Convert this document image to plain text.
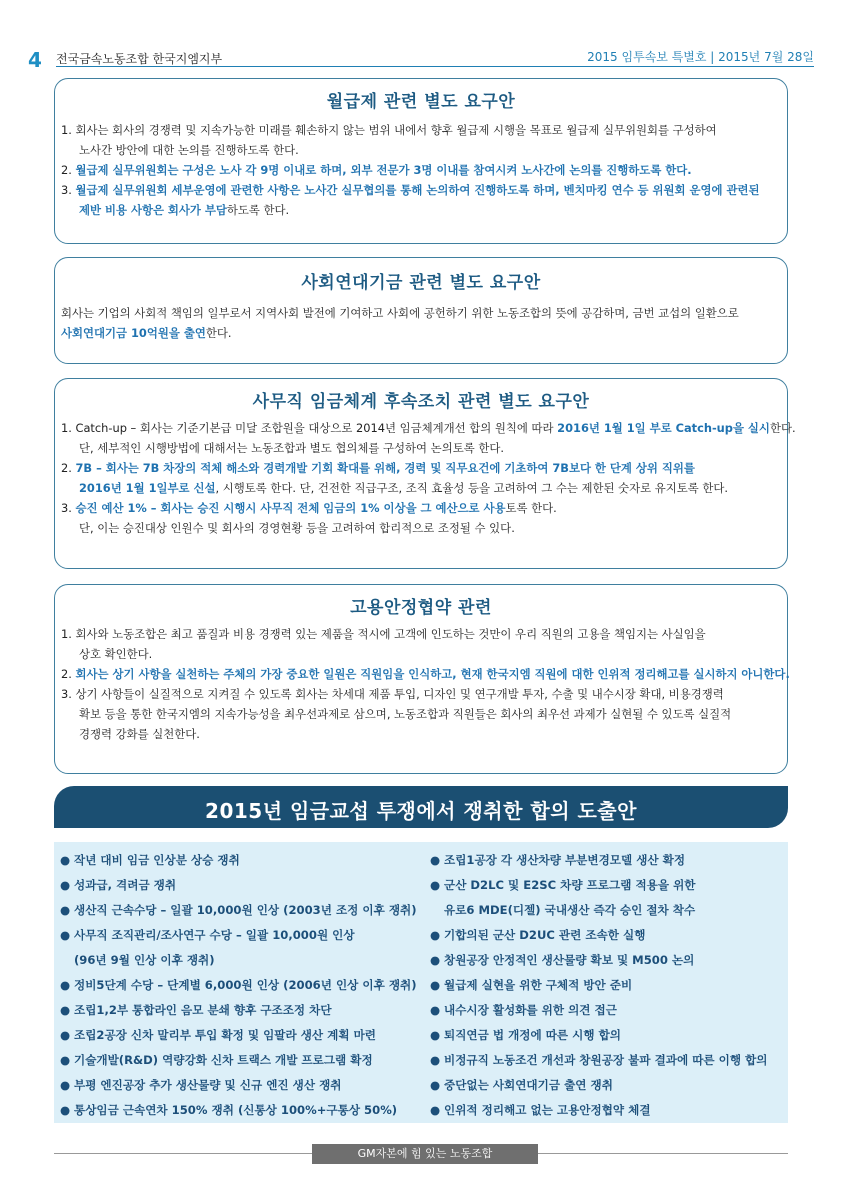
4 전국금속노동조합 한국지엠지부	2015 임투속보 특별호 | 2015년 7월 28일
월급제 관련 별도 요구안

1. 회사는 회사의 경쟁력 및 지속가능한 미래를 훼손하지 않는 범위 내에서 향후 월급제 시행을 목표로 월급제 실무위원회를 구성하여

노사간 방안에 대한 논의를 진행하도록 한다.

2. 월급제 실무위원회는 구성은 노사 각 9명 이내로 하며, 외부 전문가 3명 이내를 참여시켜 노사간에 논의를 진행하도록 한다.

3. 월급제 실무위원회 세부운영에 관련한 사항은 노사간 실무협의를 통해 논의하여 진행하도록 하며, 벤치마킹 연수 등 위원회 운영에 관련된

제반 비용 사항은 회사가 부담하도록 한다.

사회연대기금 관련 별도 요구안

회사는 기업의 사회적 책임의 일부로서 지역사회 발전에 기여하고 사회에 공헌하기 위한 노동조합의 뜻에 공감하며, 금번 교섭의 일환으로

사회연대기금 10억원을 출연한다.

사무직 임금체계 후속조치 관련 별도 요구안

1. Catch-up – 회사는 기준기본급 미달 조합원을 대상으로 2014년 임금체계개선 합의 원칙에 따라 2016년 1월 1일 부로 Catch-up을 실시한다.

단, 세부적인 시행방법에 대해서는 노동조합과 별도 협의체를 구성하여 논의토록 한다.

2. 7B – 회사는 7B 차장의 적체 해소와 경력개발 기회 확대를 위해, 경력 및 직무요건에 기초하여 7B보다 한 단계 상위 직위를

2016년 1월 1일부로 신설, 시행토록 한다. 단, 건전한 직급구조, 조직 효율성 등을 고려하여 그 수는 제한된 숫자로 유지토록 한다.

3. 승진 예산 1% – 회사는 승진 시행시 사무직 전체 임금의 1% 이상을 그 예산으로 사용토록 한다.

단, 이는 승진대상 인원수 및 회사의 경영현황 등을 고려하여 합리적으로 조정될 수 있다.

고용안정협약 관련

1. 회사와 노동조합은 최고 품질과 비용 경쟁력 있는 제품을 적시에 고객에 인도하는 것만이 우리 직원의 고용을 책임지는 사실임을

상호 확인한다.

2. 회사는 상기 사항을 실천하는 주체의 가장 중요한 일원은 직원임을 인식하고, 현재 한국지엠 직원에 대한 인위적 정리해고를 실시하지 아니한다.

3. 상기 사항들이 실질적으로 지켜질 수 있도록 회사는 차세대 제품 투입, 디자인 및 연구개발 투자, 수출 및 내수시장 확대, 비용경쟁력

확보 등을 통한 한국지엠의 지속가능성을 최우선과제로 삼으며, 노동조합과 직원들은 회사의 최우선 과제가 실현될 수 있도록 실질적

경쟁력 강화를 실천한다.

2015년 임금교섭 투쟁에서 쟁취한 합의 도출안
● 작년 대비 임금 인상분 상승 쟁취
● 성과급, 격려금 쟁취
● 생산직 근속수당 – 일괄 10,000원 인상 (2003년 조정 이후 쟁취)
● 사무직 조직관리/조사연구 수당 – 일괄 10,000원 인상
(96년 9월 인상 이후 쟁취)
● 정비5단계 수당 – 단계별 6,000원 인상 (2006년 인상 이후 쟁취)
● 조립1,2부 통합라인 음모 분쇄 향후 구조조정 차단
● 조립2공장 신차 말리부 투입 확정 및 임팔라 생산 계획 마련
● 기술개발(R&D) 역량강화 신차 트랙스 개발 프로그램 확정
● 부평 엔진공장 추가 생산물량 및 신규 엔진 생산 쟁취
● 통상임금 근속연차 150% 쟁취 (신통상 100%+구통상 50%)
● 조립1공장 각 생산차량 부분변경모델 생산 확정
● 군산 D2LC 및 E2SC 차량 프로그램 적용을 위한
유로6 MDE(디젤) 국내생산 즉각 승인 절차 착수
● 기합의된 군산 D2UC 관련 조속한 실행
● 창원공장 안정적인 생산물량 확보 및 M500 논의
● 월급제 실현을 위한 구체적 방안 준비
● 내수시장 활성화를 위한 의견 접근
● 퇴직연금 법 개정에 따른 시행 합의
● 비정규직 노동조건 개선과 창원공장 불파 결과에 따른 이행 합의
● 중단없는 사회연대기금 출연 쟁취
● 인위적 정리해고 없는 고용안정협약 체결
GM자본에 힘 있는 노동조합
